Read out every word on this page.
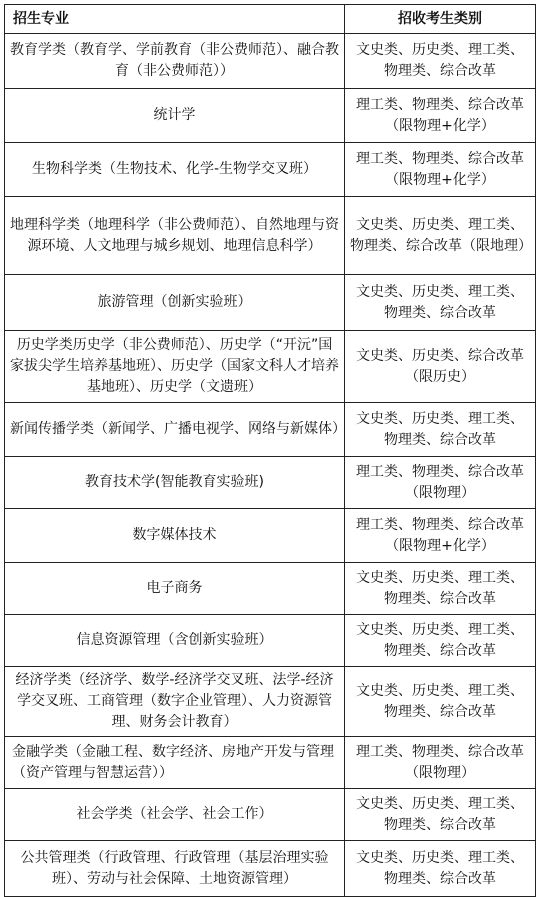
招生专业	招收考生类别
教育学类（教育学、学前教育（非公费师范）、融合教育（非公费师范））	文史类、历史类、理工类、物理类、综合改革
统计学	理工类、物理类、综合改革（限物理+化学）
生物科学类（生物技术、化学-生物学交叉班）	理工类、物理类、综合改革（限物理+化学）
地理科学类（地理科学（非公费师范）、自然地理与资源环境、人文地理与城乡规划、地理信息科学）	文史类、历史类、理工类、物理类、综合改革（限地理）
旅游管理（创新实验班）	文史类、历史类、理工类、物理类、综合改革
历史学类历史学（非公费师范）、历史学（“开沅”国家拔尖学生培养基地班）、历史学（国家文科人才培养基地班）、历史学（文遗班）	文史类、历史类、综合改革（限历史）
新闻传播学类（新闻学、广播电视学、网络与新媒体）	文史类、历史类、理工类、物理类、综合改革
教育技术学(智能教育实验班)	理工类、物理类、综合改革（限物理）
数字媒体技术	理工类、物理类、综合改革（限物理+化学）
电子商务	文史类、历史类、理工类、物理类、综合改革
信息资源管理（含创新实验班）	文史类、历史类、理工类、物理类、综合改革
经济学类（经济学、数学-经济学交叉班、法学-经济学交叉班、工商管理（数字企业管理）、人力资源管理、财务会计教育）	文史类、历史类、理工类、物理类、综合改革
金融学类（金融工程、数字经济、房地产开发与管理（资产管理与智慧运营））	理工类、物理类、综合改革（限物理）
社会学类（社会学、社会工作）	文史类、历史类、理工类、物理类、综合改革
公共管理类（行政管理、行政管理（基层治理实验班）、劳动与社会保障、土地资源管理）	文史类、历史类、理工类、物理类、综合改革
